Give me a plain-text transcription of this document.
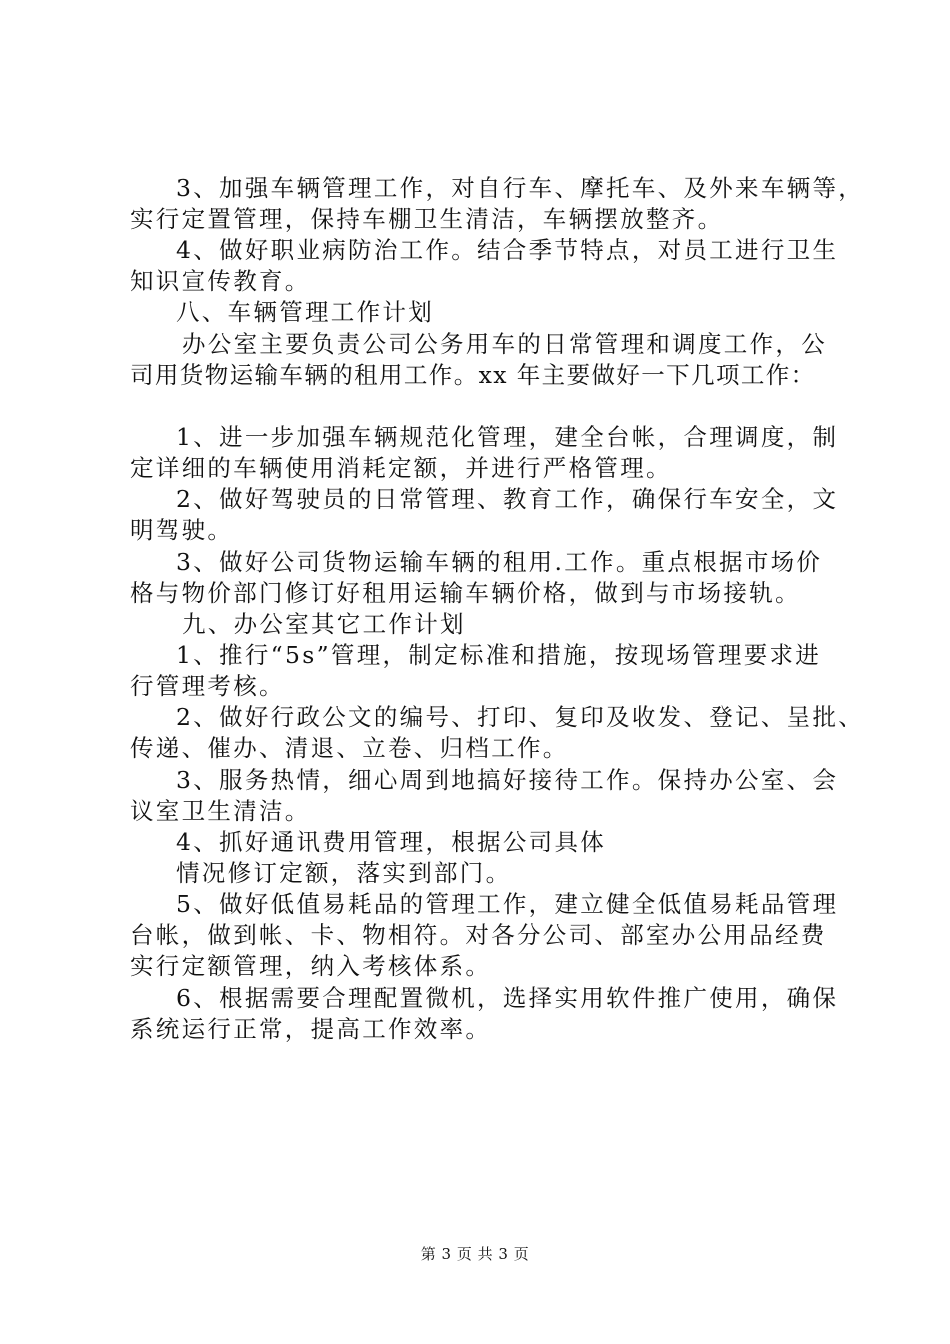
3、加强车辆管理工作，对自行车、摩托车、及外来车辆等，
实行定置管理，保持车棚卫生清洁，车辆摆放整齐。
4、做好职业病防治工作。结合季节特点，对员工进行卫生
知识宣传教育。
八、车辆管理工作计划
办公室主要负责公司公务用车的日常管理和调度工作，公
司用货物运输车辆的租用工作。xx 年主要做好一下几项工作：
1、进一步加强车辆规范化管理，建全台帐，合理调度，制
定详细的车辆使用消耗定额，并进行严格管理。
2、做好驾驶员的日常管理、教育工作，确保行车安全，文
明驾驶。
3、做好公司货物运输车辆的租用.工作。重点根据市场价
格与物价部门修订好租用运输车辆价格，做到与市场接轨。
九、办公室其它工作计划
1、推行“5s”管理，制定标准和措施，按现场管理要求进
行管理考核。
2、做好行政公文的编号、打印、复印及收发、登记、呈批、
传递、催办、清退、立卷、归档工作。
3、服务热情，细心周到地搞好接待工作。保持办公室、会
议室卫生清洁。
4、抓好通讯费用管理，根据公司具体
情况修订定额，落实到部门。
5、做好低值易耗品的管理工作，建立健全低值易耗品管理
台帐，做到帐、卡、物相符。对各分公司、部室办公用品经费
实行定额管理，纳入考核体系。
6、根据需要合理配置微机，选择实用软件推广使用，确保
系统运行正常，提高工作效率。
第 3 页 共 3 页
